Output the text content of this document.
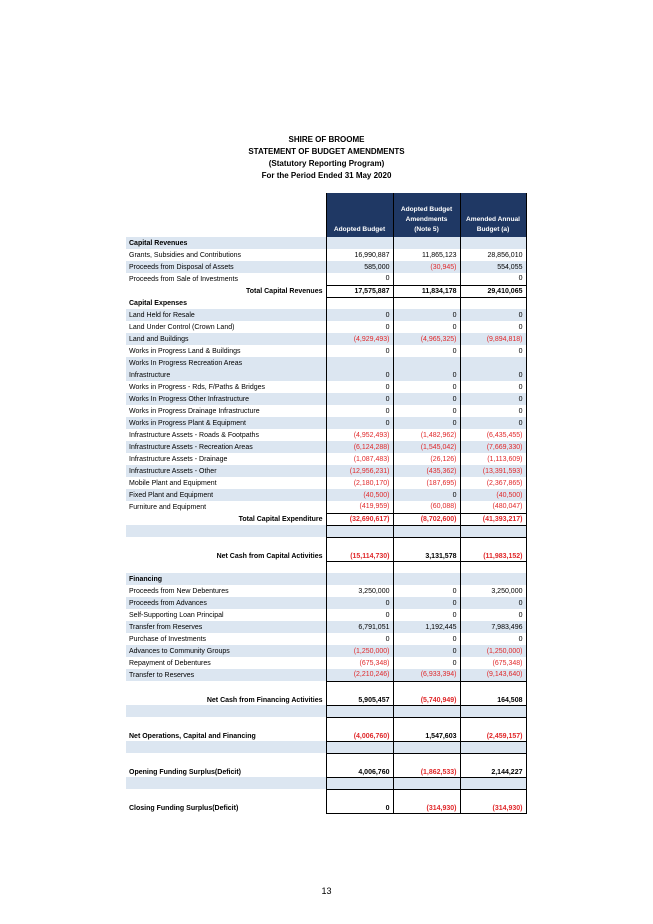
SHIRE OF BROOME
STATEMENT OF BUDGET AMENDMENTS
(Statutory Reporting Program)
For the Period Ended 31 May 2020
	Adopted Budget	Adopted Budget Amendments (Note 5)	Amended Annual Budget (a)
Capital Revenues			
Grants, Subsidies and Contributions	16,990,887	11,865,123	28,856,010
Proceeds from Disposal of Assets	585,000	(30,945)	554,055
Proceeds from Sale of Investments	0		0
Total Capital Revenues	17,575,887	11,834,178	29,410,065
Capital Expenses			
Land Held for Resale	0	0	0
Land Under Control (Crown Land)	0	0	0
Land and Buildings	(4,929,493)	(4,965,325)	(9,894,818)
Works in Progress Land & Buildings	0	0	0
Works In Progress Recreation Areas			
Infrastructure	0	0	0
Works in Progress - Rds, F/Paths & Bridges	0	0	0
Works In Progress Other Infrastructure	0	0	0
Works in Progress Drainage Infrastructure	0	0	0
Works in Progress Plant & Equipment	0	0	0
Infrastructure Assets - Roads & Footpaths	(4,952,493)	(1,482,962)	(6,435,455)
Infrastructure Assets - Recreation Areas	(6,124,288)	(1,545,042)	(7,669,330)
Infrastructure Assets - Drainage	(1,087,483)	(26,126)	(1,113,609)
Infrastructure Assets - Other	(12,956,231)	(435,362)	(13,391,593)
Mobile Plant and Equipment	(2,180,170)	(187,695)	(2,367,865)
Fixed Plant and Equipment	(40,500)	0	(40,500)
Furniture and Equipment	(419,959)	(60,088)	(480,047)
Total Capital Expenditure	(32,690,617)	(8,702,600)	(41,393,217)

Net Cash from Capital Activities	(15,114,730)	3,131,578	(11,983,152)

Financing			
Proceeds from New Debentures	3,250,000	0	3,250,000
Proceeds from Advances	0	0	0
Self-Supporting Loan Principal	0	0	0
Transfer from Reserves	6,791,051	1,192,445	7,983,496
Purchase of Investments	0	0	0
Advances to Community Groups	(1,250,000)	0	(1,250,000)
Repayment of Debentures	(675,348)	0	(675,348)
Transfer to Reserves	(2,210,246)	(6,933,394)	(9,143,640)
Net Cash from Financing Activities	5,905,457	(5,740,949)	164,508

Net Operations, Capital and Financing	(4,006,760)	1,547,603	(2,459,157)

Opening Funding Surplus(Deficit)	4,006,760	(1,862,533)	2,144,227

Closing Funding Surplus(Deficit)	0	(314,930)	(314,930)
13
